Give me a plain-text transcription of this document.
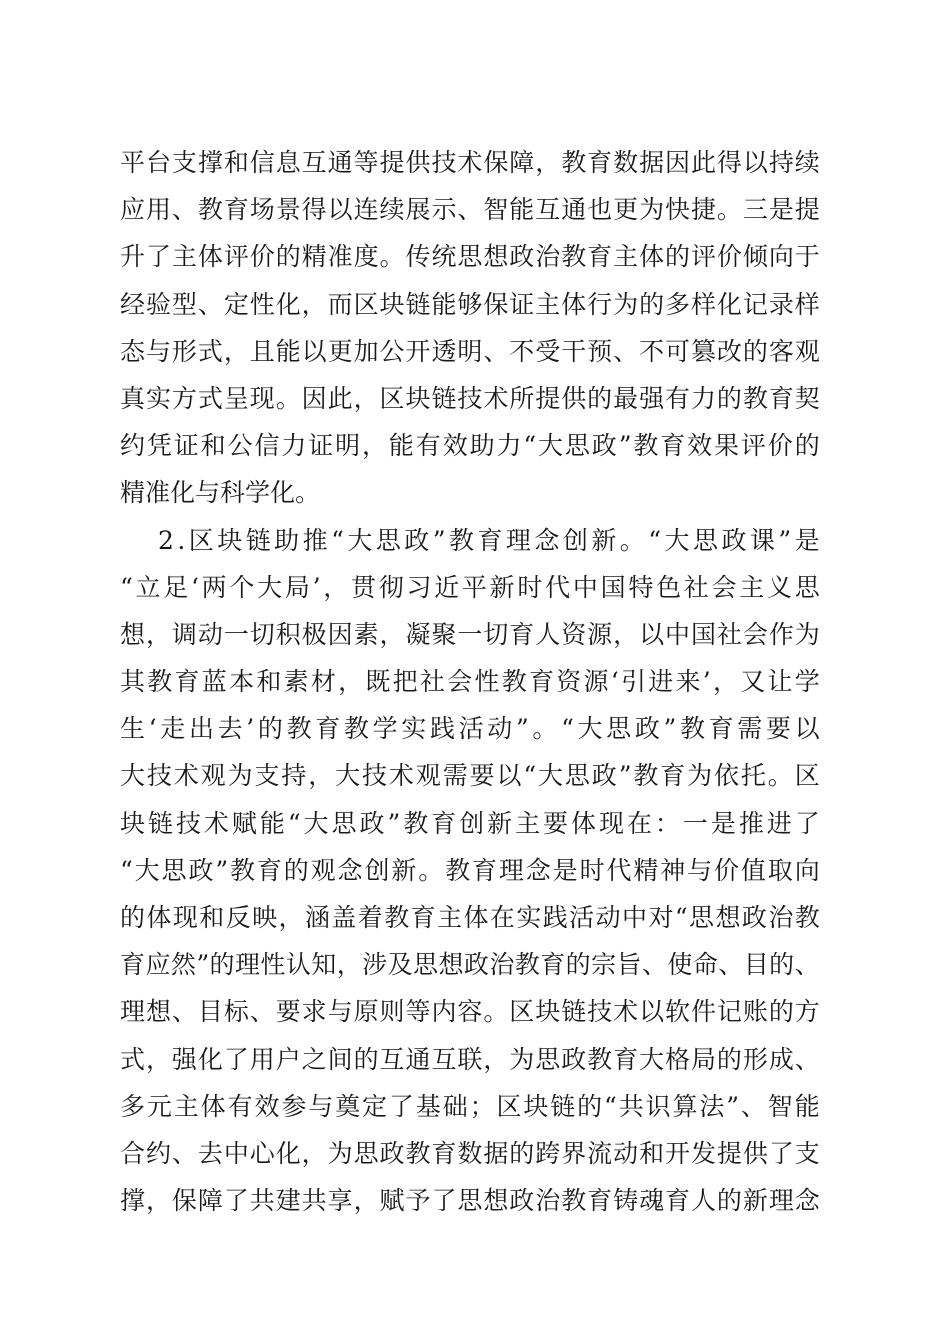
平 台 支 撑 和 信 息 互 通 等 提 供 技 术 保 障 ， 教 育 数 据 因 此 得 以 持 续
应 用 、 教 育 场 景 得 以 连 续 展 示 、 智 能 互 通 也 更 为 快 捷 。 三 是 提
升 了 主 体 评 价 的 精 准 度 。 传 统 思 想 政 治 教 育 主 体 的 评 价 倾 向 于
经 验 型 、 定 性 化 ， 而 区 块 链 能 够 保 证 主 体 行 为 的 多 样 化 记 录 样
态 与 形 式 ， 且 能 以 更 加 公 开 透 明 、 不 受 干 预 、 不 可 篡 改 的 客 观
真 实 方 式 呈 现 。 因 此 ， 区 块 链 技 术 所 提 供 的 最 强 有 力 的 教 育 契
约 凭 证 和 公 信 力 证 明 ， 能 有 效 助 力 “ 大 思 政 ” 教 育 效 果 评 价 的
精准化与科学化。
2 . 区 块 链 助 推 “ 大 思 政 ” 教 育 理 念 创 新 。 “ 大 思 政 课 ” 是
“ 立 足 ‘ 两 个 大 局 ’ ， 贯 彻 习 近 平 新 时 代 中 国 特 色 社 会 主 义 思
想 ， 调 动 一 切 积 极 因 素 ， 凝 聚 一 切 育 人 资 源 ， 以 中 国 社 会 作 为
其 教 育 蓝 本 和 素 材 ， 既 把 社 会 性 教 育 资 源 ‘ 引 进 来 ’ ， 又 让 学
生 ‘ 走 出 去 ’ 的 教 育 教 学 实 践 活 动 ” 。 “ 大 思 政 ” 教 育 需 要 以
大 技 术 观 为 支 持 ， 大 技 术 观 需 要 以 “ 大 思 政 ” 教 育 为 依 托 。 区
块 链 技 术 赋 能 “ 大 思 政 ” 教 育 创 新 主 要 体 现 在 ： 一 是 推 进 了
“ 大 思 政 ” 教 育 的 观 念 创 新 。 教 育 理 念 是 时 代 精 神 与 价 值 取 向
的 体 现 和 反 映 ， 涵 盖 着 教 育 主 体 在 实 践 活 动 中 对 “ 思 想 政 治 教
育 应 然 ” 的 理 性 认 知 ， 涉 及 思 想 政 治 教 育 的 宗 旨 、 使 命 、 目 的 、
理 想 、 目 标 、 要 求 与 原 则 等 内 容 。 区 块 链 技 术 以 软 件 记 账 的 方
式 ， 强 化 了 用 户 之 间 的 互 通 互 联 ， 为 思 政 教 育 大 格 局 的 形 成 、
多 元 主 体 有 效 参 与 奠 定 了 基 础 ； 区 块 链 的 “ 共 识 算 法 ” 、 智 能
合 约 、 去 中 心 化 ， 为 思 政 教 育 数 据 的 跨 界 流 动 和 开 发 提 供 了 支
撑 ， 保 障 了 共 建 共 享 ， 赋 予 了 思 想 政 治 教 育 铸 魂 育 人 的 新 理 念
